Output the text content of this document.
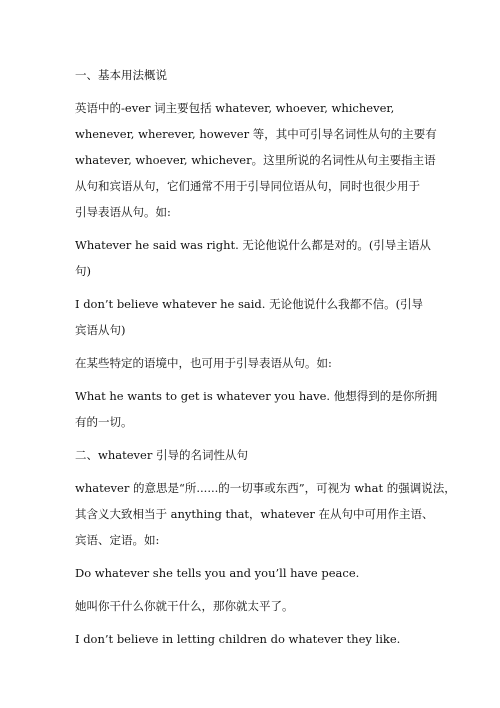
一、基本用法概说
英语中的-ever 词主要包括 whatever, whoever, whichever,
whenever, wherever, however 等，其中可引导名词性从句的主要有
whatever, whoever, whichever。这里所说的名词性从句主要指主语
从句和宾语从句，它们通常不用于引导同位语从句，同时也很少用于
引导表语从句。如:
Whatever he said was right. 无论他说什么都是对的。(引导主语从
句)
I don’t believe whatever he said. 无论他说什么我都不信。(引导
宾语从句)
在某些特定的语境中，也可用于引导表语从句。如:
What he wants to get is whatever you have. 他想得到的是你所拥
有的一切。
二、whatever 引导的名词性从句
whatever 的意思是“所......的一切事或东西”，可视为 what 的强调说法，
其含义大致相当于 anything that，whatever 在从句中可用作主语、
宾语、定语。如:
Do whatever she tells you and you’ll have peace.
她叫你干什么你就干什么，那你就太平了。
I don’t believe in letting children do whatever they like.
